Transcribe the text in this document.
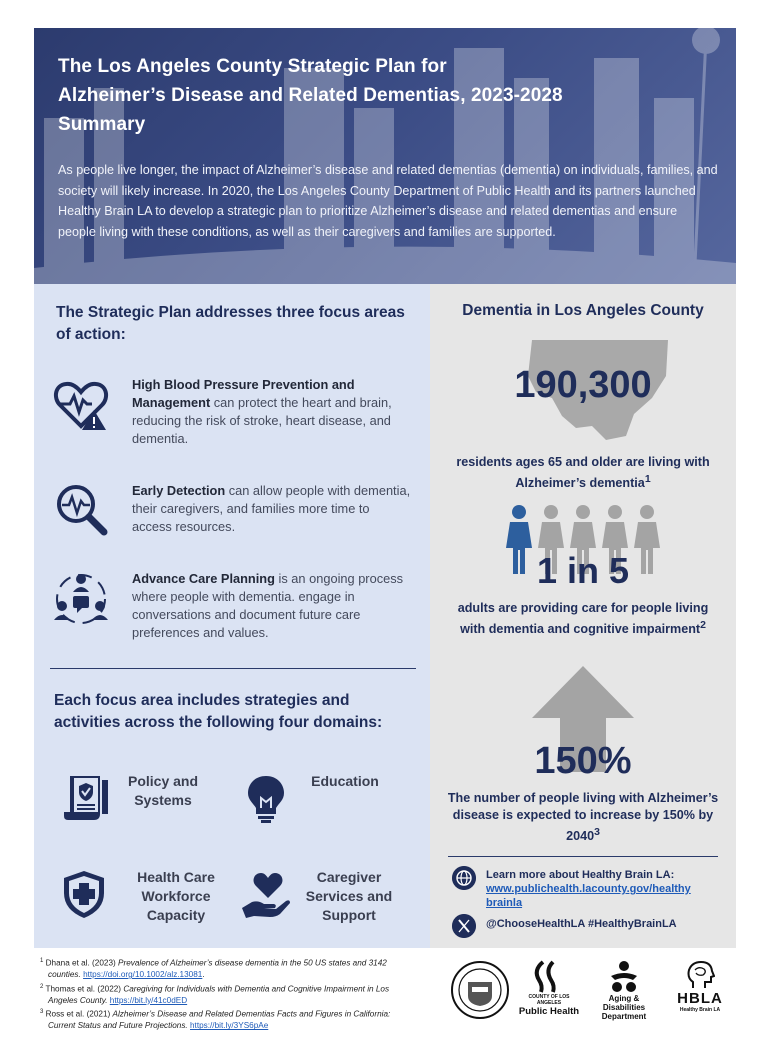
The Los Angeles County Strategic Plan for
Alzheimer’s Disease and Related Dementias, 2023-2028
Summary

As people live longer, the impact of Alzheimer’s disease and related dementias (dementia) on individuals, families, and society will likely increase. In 2020, the Los Angeles County Department of Public Health and its partners launched Healthy Brain LA to develop a strategic plan to prioritize Alzheimer’s disease and related dementias and ensure people living with these conditions, as well as their caregivers and families are supported.

The Strategic Plan addresses three focus areas of action:

High Blood Pressure Prevention and Management can protect the heart and brain, reducing the risk of stroke, heart disease, and dementia.

Early Detection can allow people with dementia, their caregivers, and families more time to access resources.

Advance Care Planning is an ongoing process where people with dementia. engage in conversations and document future care preferences and values.

Each focus area includes strategies and activities across the following four domains:

Policy and
Systems

Education

Health Care
Workforce
Capacity

Caregiver
Services and
Support

Dementia in Los Angeles County
190,300

residents ages 65 and older are living with Alzheimer’s dementia$^1$

1 in 5

adults are providing care for people living with dementia and cognitive impairment$^2$

150%

The number of people living with Alzheimer’s disease is expected to increase by 150% by 2040$^3$

Learn more about Healthy Brain LA:
www.publichealth.lacounty.gov/healthy
brainla
@ChooseHealthLA #HealthyBrainLA

$^1$ Dhana et al. (2023) Prevalence of Alzheimer’s disease dementia in the 50 US states and 3142 counties. https://doi.org/10.1002/alz.13081.

$^2$ Thomas et al. (2022) Caregiving for Individuals with Dementia and Cognitive Impairment in Los Angeles County. https://bit.ly/41c0dED

$^3$ Ross et al. (2021) Alzheimer’s Disease and Related Dementias Facts and Figures in California: Current Status and Future Projections. https://bit.ly/3YS6pAe

COUNTY OF LOS ANGELES
Public Health
Aging & Disabilities
Department
HBLA
Healthy Brain LA
